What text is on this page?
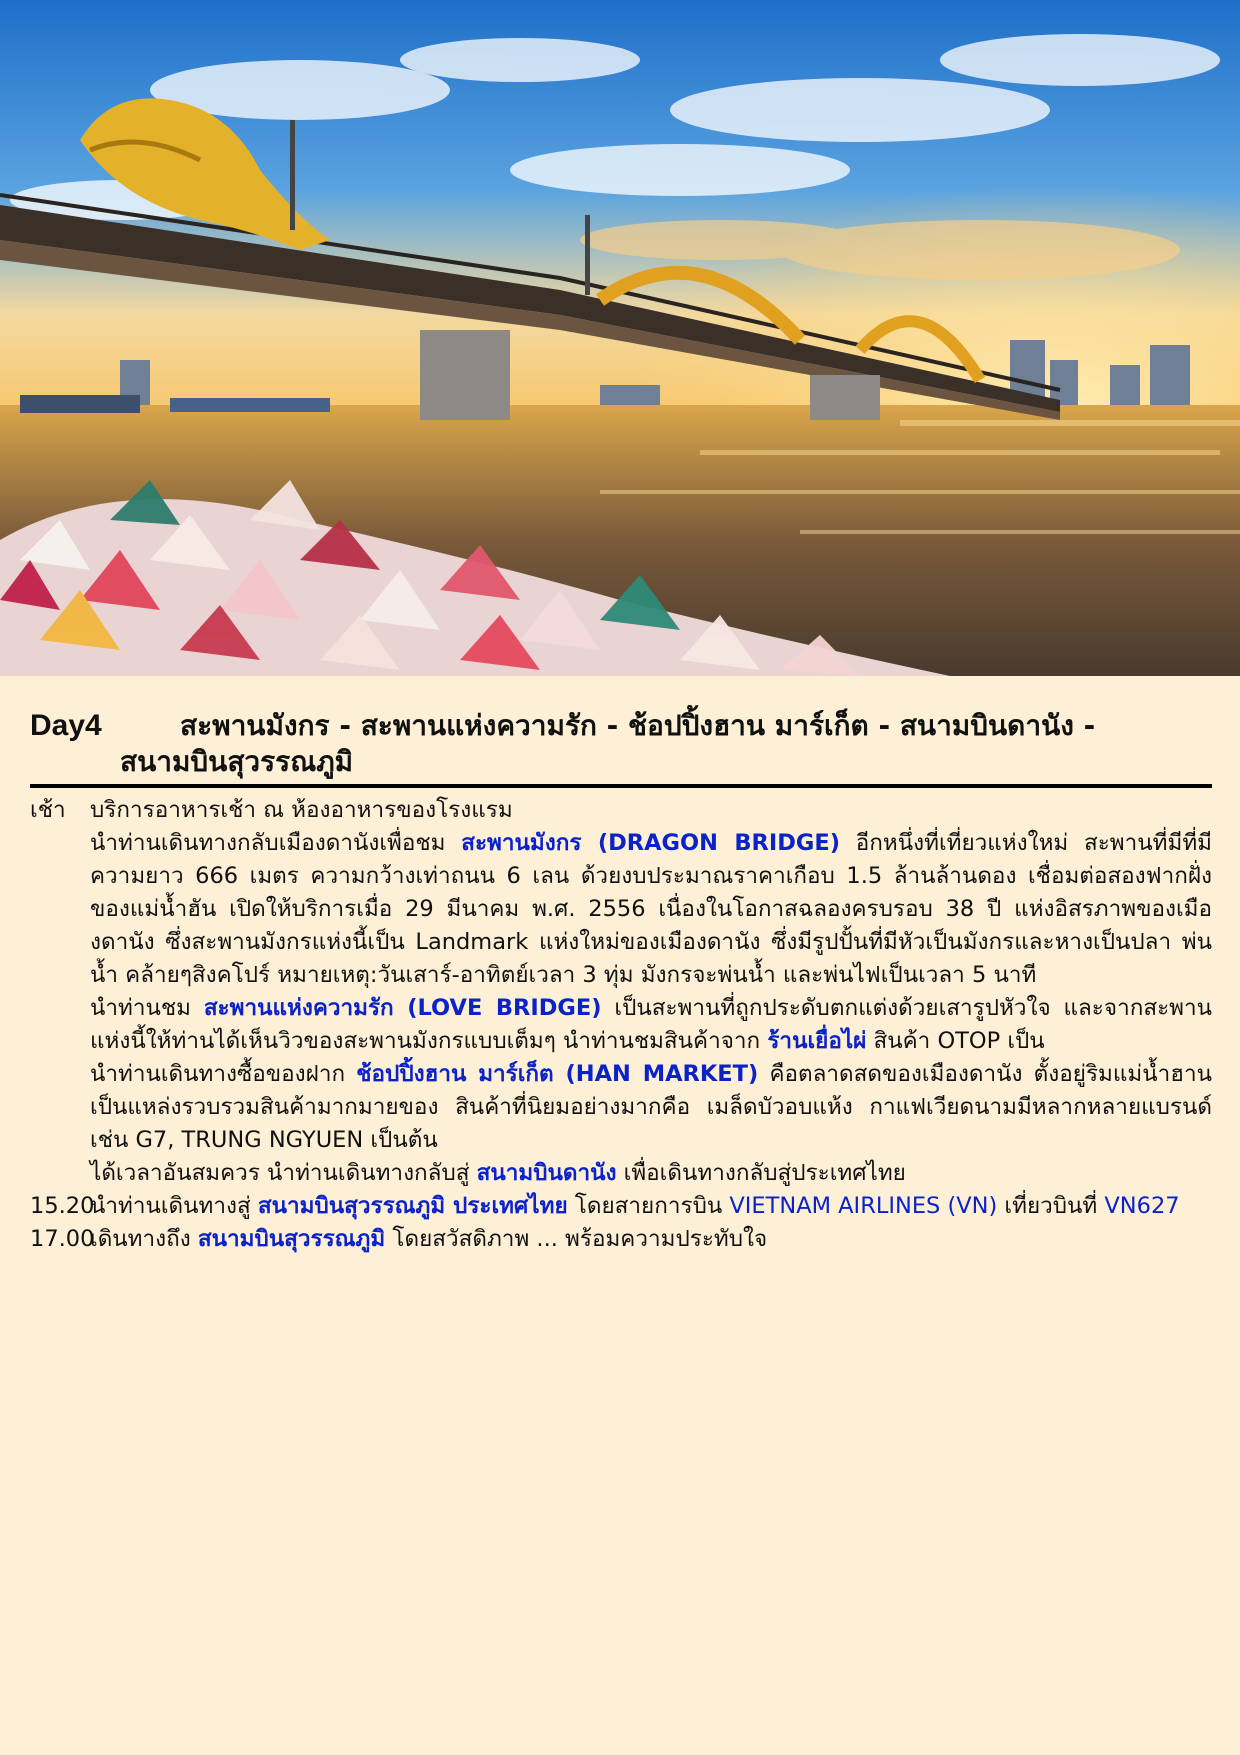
Day4	สะพานมังกร - สะพานแห่งความรัก - ช้อปปิ้งฮาน มาร์เก็ต - สนามบินดานัง -
สนามบินสุวรรณภูมิ
เช้า	บริการอาหารเช้า ณ ห้องอาหารของโรงแรม

นำท่านเดินทางกลับเมืองดานังเพื่อชม สะพานมังกร (DRAGON BRIDGE) อีกหนึ่งที่เที่ยวแห่งใหม่ สะพานที่มีที่มีความยาว 666 เมตร ความกว้างเท่าถนน 6 เลน ด้วยงบประมาณราคาเกือบ 1.5 ล้านล้านดอง เชื่อมต่อสองฟากฝั่งของแม่น้ำฮัน เปิดให้บริการเมื่อ 29 มีนาคม พ.ศ. 2556 เนื่องในโอกาสฉลองครบรอบ 38 ปี แห่งอิสรภาพของเมืองดานัง ซึ่งสะพานมังกรแห่งนี้เป็น Landmark แห่งใหม่ของเมืองดานัง ซึ่งมีรูปปั้นที่มีหัวเป็นมังกรและหางเป็นปลา พ่นน้ำ คล้ายๆสิงคโปร์ หมายเหตุ:วันเสาร์-อาทิตย์เวลา 3 ทุ่ม มังกรจะพ่นน้ำ และพ่นไฟเป็นเวลา 5 นาที

นำท่านชม สะพานแห่งความรัก (LOVE BRIDGE) เป็นสะพานที่ถูกประดับตกแต่งด้วยเสารูปหัวใจ และจากสะพานแห่งนี้ให้ท่านได้เห็นวิวของสะพานมังกรแบบเต็มๆ นำท่านชมสินค้าจาก ร้านเยื่อไผ่ สินค้า OTOP เป็น

นำท่านเดินทางซื้อของฝาก ช้อปปิ้งฮาน มาร์เก็ต (HAN MARKET) คือตลาดสดของเมืองดานัง ตั้งอยู่ริมแม่น้ำฮาน เป็นแหล่งรวบรวมสินค้ามากมายของ สินค้าที่นิยมอย่างมากคือ เมล็ดบัวอบแห้ง กาแฟเวียดนามมีหลากหลายแบรนด์เช่น G7, TRUNG NGYUEN เป็นต้น

ได้เวลาอันสมควร นำท่านเดินทางกลับสู่ สนามบินดานัง เพื่อเดินทางกลับสู่ประเทศไทย

15.20

นำท่านเดินทางสู่ สนามบินสุวรรณภูมิ ประเทศไทย โดยสายการบิน VIETNAM AIRLINES (VN) เที่ยวบินที่ VN627

17.00

เดินทางถึง สนามบินสุวรรณภูมิ โดยสวัสดิภาพ ... พร้อมความประทับใจ
